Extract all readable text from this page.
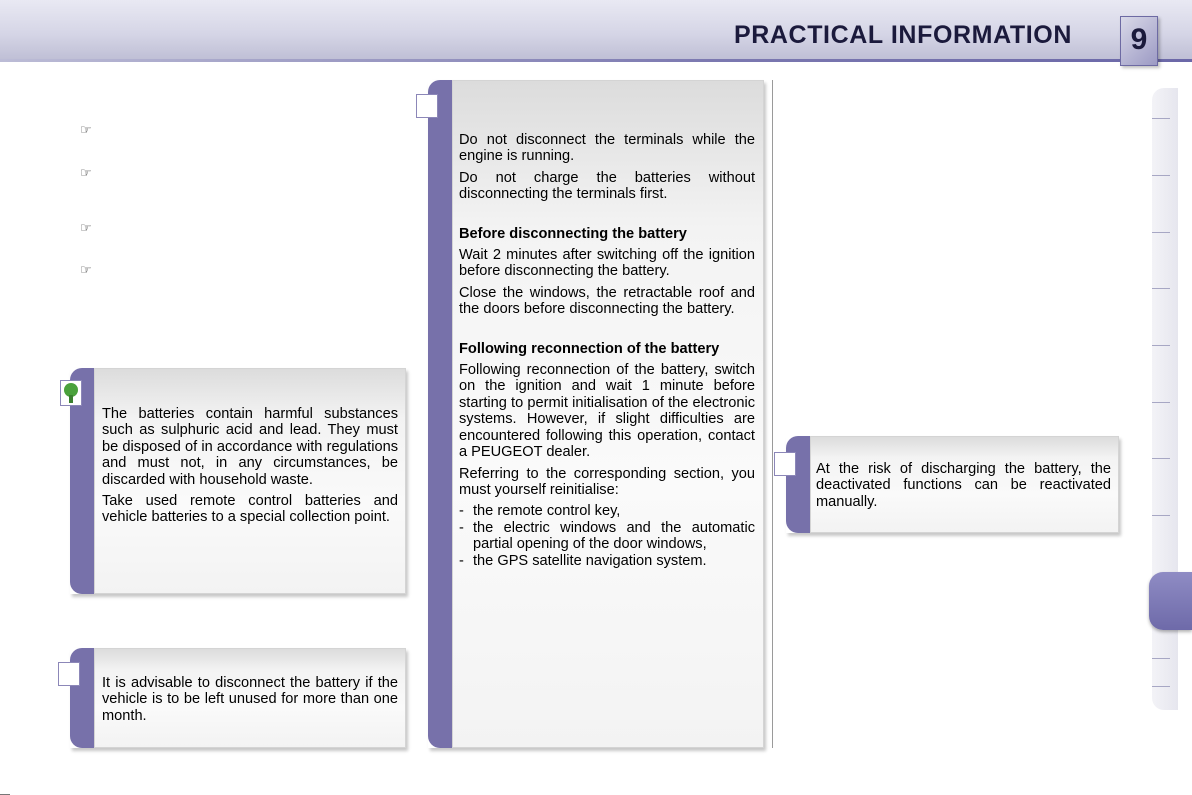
PRACTICAL INFORMATION	9
☞
☞
☞
☞

The batteries contain harmful substances such as sulphuric acid and lead. They must be disposed of in accordance with regulations and must not, in any circumstances, be discarded with household waste.

Take used remote control batteries and vehicle batteries to a special collection point.

It is advisable to disconnect the battery if the vehicle is to be left unused for more than one month.

Do not disconnect the terminals while the engine is running.

Do not charge the batteries without disconnecting the terminals first.

Before disconnecting the battery

Wait 2 minutes after switching off the ignition before disconnecting the battery.

Close the windows, the retractable roof and the doors before disconnecting the battery.

Following reconnection of the battery

Following reconnection of the battery, switch on the ignition and wait 1 minute before starting to permit initialisation of the electronic systems. However, if slight difficulties are encountered following this operation, contact a PEUGEOT dealer.

Referring to the corresponding section, you must yourself reinitialise:

- the remote control key,
- the electric windows and the automatic partial opening of the door windows,
- the GPS satellite navigation system.

At the risk of discharging the battery, the deactivated functions can be reactivated manually.
